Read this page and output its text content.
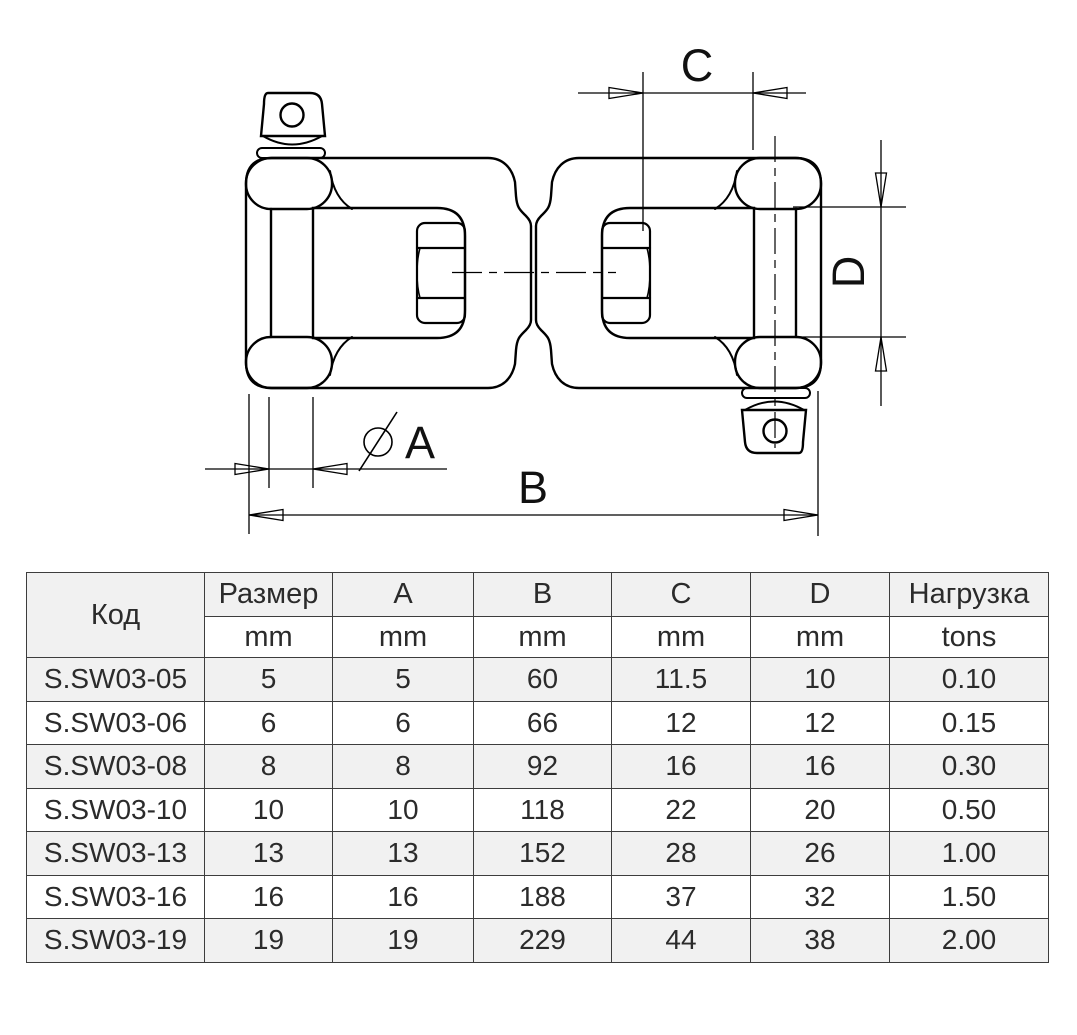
C
D
A
B
Код	Размер	A	B	C	D	Нагрузка
	mm	mm	mm	mm	mm	tons
S.SW03-05	5	5	60	11.5	10	0.10
S.SW03-06	6	6	66	12	12	0.15
S.SW03-08	8	8	92	16	16	0.30
S.SW03-10	10	10	118	22	20	0.50
S.SW03-13	13	13	152	28	26	1.00
S.SW03-16	16	16	188	37	32	1.50
S.SW03-19	19	19	229	44	38	2.00
